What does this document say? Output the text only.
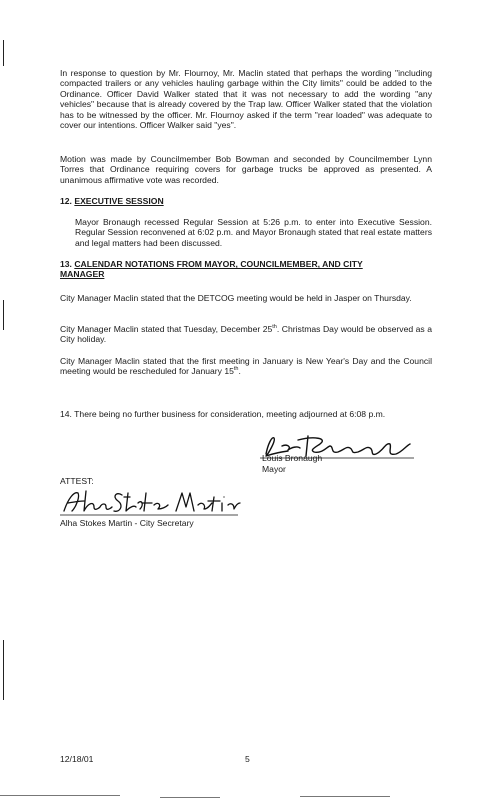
In response to question by Mr. Flournoy, Mr. Maclin stated that perhaps the wording "including compacted trailers or any vehicles hauling garbage within the City limits" could be added to the Ordinance. Officer David Walker stated that it was not necessary to add the wording "any vehicles" because that is already covered by the Trap law. Officer Walker stated that the violation has to be witnessed by the officer. Mr. Flournoy asked if the term "rear loaded" was adequate to cover our intentions. Officer Walker said "yes".

Motion was made by Councilmember Bob Bowman and seconded by Councilmember Lynn Torres that Ordinance requiring covers for garbage trucks be approved as presented. A unanimous affirmative vote was recorded.

12. EXECUTIVE SESSION

Mayor Bronaugh recessed Regular Session at 5:26 p.m. to enter into Executive Session. Regular Session reconvened at 6:02 p.m. and Mayor Bronaugh stated that real estate matters and legal matters had been discussed.

13. CALENDAR NOTATIONS FROM MAYOR, COUNCILMEMBER, AND CITY
MANAGER

City Manager Maclin stated that the DETCOG meeting would be held in Jasper on Thursday.

City Manager Maclin stated that Tuesday, December 25th. Christmas Day would be observed as a City holiday.

City Manager Maclin stated that the first meeting in January is New Year's Day and the Council meeting would be rescheduled for January 15th.

14. There being no further business for consideration, meeting adjourned at 6:08 p.m.

Louis Bronaugh
Mayor
ATTEST:
Alha Stokes Martin - City Secretary
12/18/01	5
